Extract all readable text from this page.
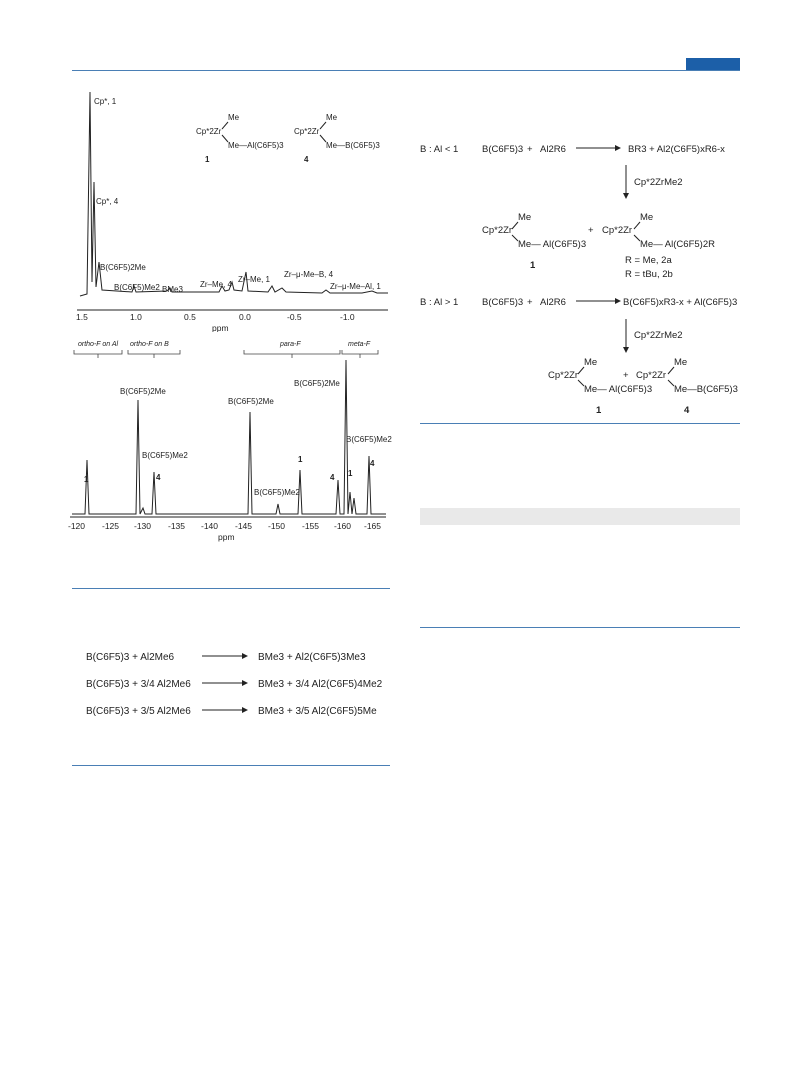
1.5	1.0	0.5	0.0	-0.5	-1.0
ppm
Cp*, 1
Cp*, 4
B(C6F5)2Me
B(C6F5)Me2 BMe3
Zr–Me, 4
Zr–Me, 1
Zr–μ-Me–B, 4
Zr–μ-Me–Al, 1
Cp*2Zr
Me
Me—Al(C6F5)3
1
Cp*2Zr
Me
Me—B(C6F5)3
4
ortho-F on Al ortho-F on B	para-F	meta-F
-120 -125 -130 -135 -140 -145 -150 -155 -160 -165
ppm
1
B(C6F5)2Me
B(C6F5)Me2
4
B(C6F5)2Me
B(C6F5)Me2
1
4
B(C6F5)2Me
1
B(C6F5)Me2
4
B(C6F5)3 + Al2Me6	BMe3 + Al2(C6F5)3Me3
B(C6F5)3 + 3/4 Al2Me6	BMe3 + 3/4 Al2(C6F5)4Me2
B(C6F5)3 + 3/5 Al2Me6	BMe3 + 3/5 Al2(C6F5)5Me
B : Al < 1 B(C6F5)3 + Al2R6	BR3 + Al2(C6F5)xR6-x
Cp*2ZrMe2
Cp*2Zr
Me
Me— Al(C6F5)3
1
+ Cp*2Zr
Me
Me— Al(C6F5)2R
R = Me, 2a
R = tBu, 2b
B : Al > 1 B(C6F5)3 + Al2R6	B(C6F5)xR3-x + Al(C6F5)3
Cp*2ZrMe2
Cp*2Zr
Me
Me— Al(C6F5)3
1
+ Cp*2Zr
Me
Me—B(C6F5)3
4
